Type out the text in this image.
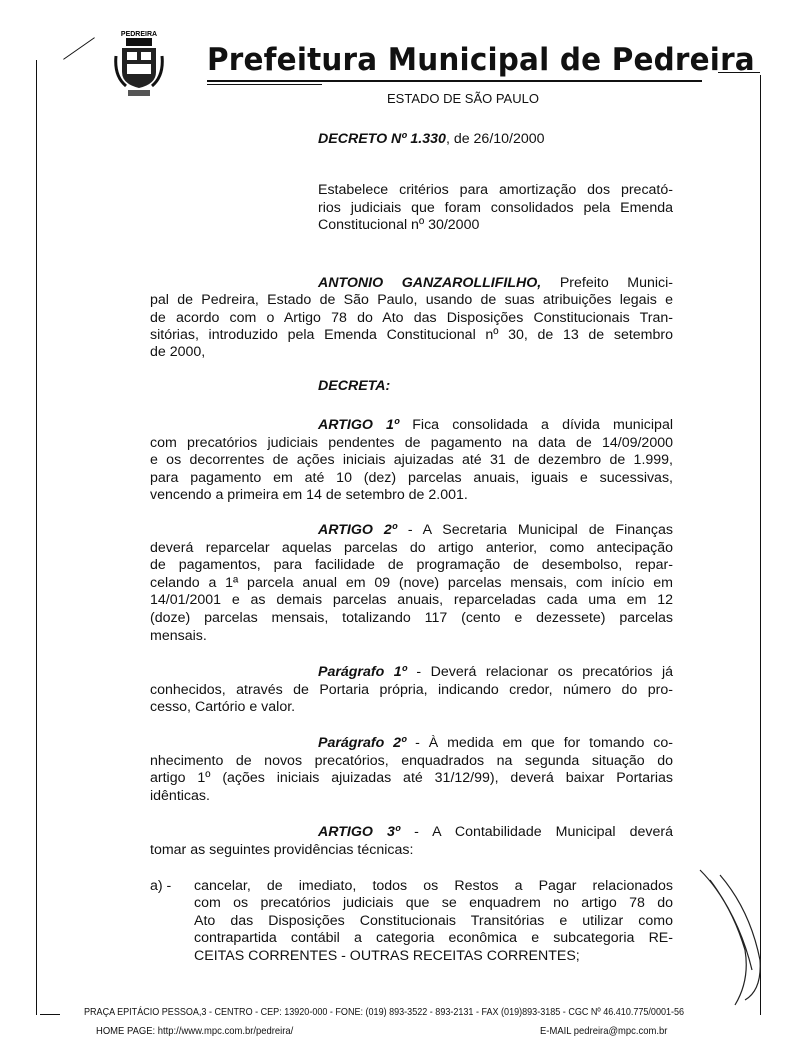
PEDREIRA
Prefeitura Municipal de Pedreira
ESTADO DE SÃO PAULO
DECRETO Nº 1.330, de 26/10/2000
Estabelece critérios para amortização dos precató-
rios judiciais que foram consolidados pela Emenda
Constitucional nº 30/2000
ANTONIO GANZAROLLIFILHO, Prefeito Munici-
pal de Pedreira, Estado de São Paulo, usando de suas atribuições legais e
de acordo com o Artigo 78 do Ato das Disposições Constitucionais Tran-
sitórias, introduzido pela Emenda Constitucional nº 30, de 13 de setembro
de 2000,
DECRETA:
ARTIGO 1º Fica consolidada a dívida municipal
com precatórios judiciais pendentes de pagamento na data de 14/09/2000
e os decorrentes de ações iniciais ajuizadas até 31 de dezembro de 1.999,
para pagamento em até 10 (dez) parcelas anuais, iguais e sucessivas,
vencendo a primeira em 14 de setembro de 2.001.
ARTIGO 2º - A Secretaria Municipal de Finanças
deverá reparcelar aquelas parcelas do artigo anterior, como antecipação
de pagamentos, para facilidade de programação de desembolso, repar-
celando a 1ª parcela anual em 09 (nove) parcelas mensais, com início em
14/01/2001 e as demais parcelas anuais, reparceladas cada uma em 12
(doze) parcelas mensais, totalizando 117 (cento e dezessete) parcelas
mensais.
Parágrafo 1º - Deverá relacionar os precatórios já
conhecidos, através de Portaria própria, indicando credor, número do pro-
cesso, Cartório e valor.
Parágrafo 2º - À medida em que for tomando co-
nhecimento de novos precatórios, enquadrados na segunda situação do
artigo 1º (ações iniciais ajuizadas até 31/12/99), deverá baixar Portarias
idênticas.
ARTIGO 3º - A Contabilidade Municipal deverá
tomar as seguintes providências técnicas:
a) - cancelar, de imediato, todos os Restos a Pagar relacionados
com os precatórios judiciais que se enquadrem no artigo 78 do
Ato das Disposições Constitucionais Transitórias e utilizar como
contrapartida contábil a categoria econômica e subcategoria RE-
CEITAS CORRENTES - OUTRAS RECEITAS CORRENTES;
PRAÇA EPITÁCIO PESSOA,3 - CENTRO - CEP: 13920-000 - FONE: (019) 893-3522 - 893-2131 - FAX (019)893-3185 - CGC Nº 46.410.775/0001-56
HOME PAGE: http://www.mpc.com.br/pedreira/	E-MAIL pedreira@mpc.com.br
